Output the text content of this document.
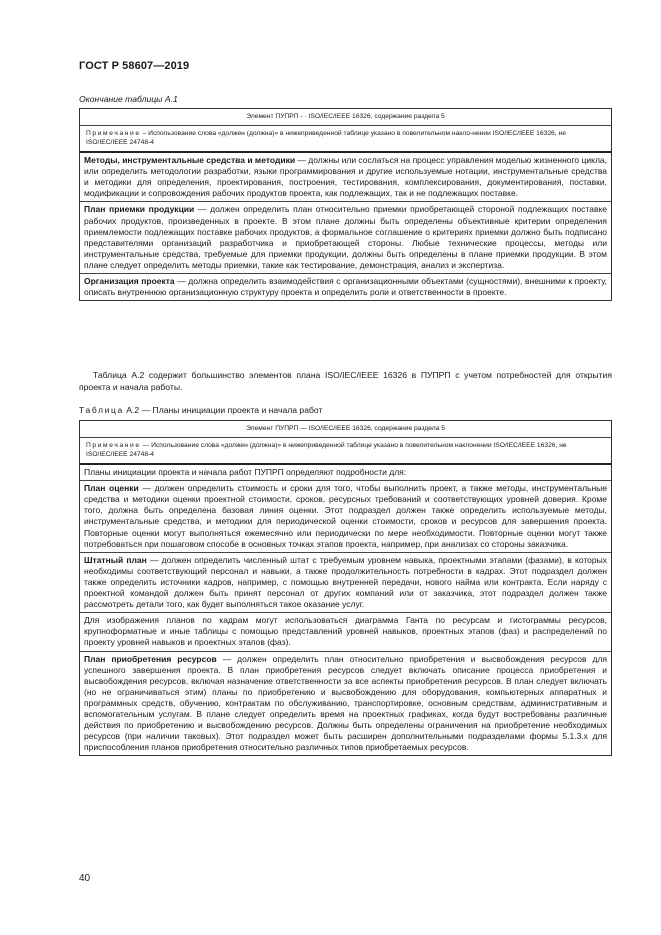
ГОСТ Р 58607—2019
Окончание таблицы А.1
Элемент ПУПРП - · ISO/IEC/IEEE 16326, содержание раздела 5
Примечание – Использование слова «должен (должна)» в нижеприведенной таблице указано в повелительном накло-нении ISO/IEC/IEEE 16326, не ISO/IEC/IEEE 24748-4
Методы, инструментальные средства и методики — должны или сослаться на процесс управления моделью жизненного цикла, или определить методологии разработки, языки программирования и другие используемые нотации, инструментальные средства и методики для определения, проектирования, построения, тестирования, комплексирования, документирования, поставки, модификации и сопровождения рабочих продуктов проекта, как подлежащих, так и не подлежащих поставке.
План приемки продукции — должен определить план относительно приемки приобретающей стороной подлежащих поставке рабочих продуктов, произведенных в проекте. В этом плане должны быть определены объективные критерии определения приемлемости подлежащих поставке рабочих продуктов, а формальное соглашение о критериях приемки должно быть подписано представителями организаций разработчика и приобретающей стороны. Любые технические процессы, методы или инструментальные средства, требуемые для приемки продукции, должны быть определены в плане приемки продукции. В этом плане следует определить методы приемки, такие как тестирование, демонстрация, анализ и экспертиза.
Организация проекта — должна определить взаимодействия с организационными объектами (сущностями), внешними к проекту, описать внутреннюю организационную структуру проекта и определить роли и ответственности в проекте.
Таблица А.2 содержит большинство элементов плана ISO/IEC/IEEE 16326 в ПУПРП с учетом потребностей для открытия проекта и начала работы.
Таблица А.2 — Планы инициации проекта и начала работ
Элемент ПУПРП — ISO/IEC/IEEE 16326, содержание раздела 5
Примечание — Использование слова «должен (должна)» в нижеприведенной таблице указано в повелительном наклонении ISO/IEC/IEEE 16326, не ISO/IEC/IEEE 24748-4
Планы инициации проекта и начала работ ПУПРП определяют подробности для:
План оценки — должен определить стоимость и сроки для того, чтобы выполнить проект, а также методы, инструментальные средства и методики оценки проектной стоимости, сроков, ресурсных требований и соответствующих уровней доверия. Кроме того, должна быть определена базовая линия оценки. Этот подраздел должен также определить используемые методы, инструментальные средства, и методики для периодической оценки стоимости, сроков и ресурсов для завершения проекта. Повторные оценки могут выполняться ежемесячно или периодически по мере необходимости. Повторные оценки могут также потребоваться при пошаговом способе в основных точках этапов проекта, например, при анализах со стороны заказчика.
Штатный план — должен определить численный штат с требуемым уровнем навыка, проектными этапами (фазами), в которых необходимы соответствующий персонал и навыки, а также продолжительность потребности в кадрах. Этот подраздел должен также определить источники кадров, например, с помощью внутренней передачи, нового найма или контракта. Если наряду с проектной командой должен быть принят персонал от других компаний или от заказчика, этот подраздел должен также рассмотреть детали того, как будет выполняться такое оказание услуг.
Для изображения планов по кадрам могут использоваться диаграмма Ганта по ресурсам и гистограммы ресурсов, крупноформатные и иные таблицы с помощью представлений уровней навыков, проектных этапов (фаз) и распределений по проекту уровней навыков и проектных этапов (фаз).
План приобретения ресурсов — должен определить план относительно приобретения и высвобождения ресурсов для успешного завершения проекта. В план приобретения ресурсов следует включать описание процесса приобретения и высвобождения ресурсов, включая назначение ответственности за все аспекты приобретения ресурсов. В план следует включать (но не ограничиваться этим) планы по приобретению и высвобождению для оборудования, компьютерных аппаратных и программных средств, обучению, контрактам по обслуживанию, транспортировке, основным средствам, административным и вспомогательным услугам. В плане следует определить время на проектных графиках, когда будут востребованы различные действия по приобретению и высвобождению ресурсов. Должны быть определены ограничения на приобретение необходимых ресурсов (при наличии таковых). Этот подраздел может быть расширен дополнительными подразделами формы 5.1.3.х для приспособления планов приобретения относительно различных типов приобретаемых ресурсов.
40
